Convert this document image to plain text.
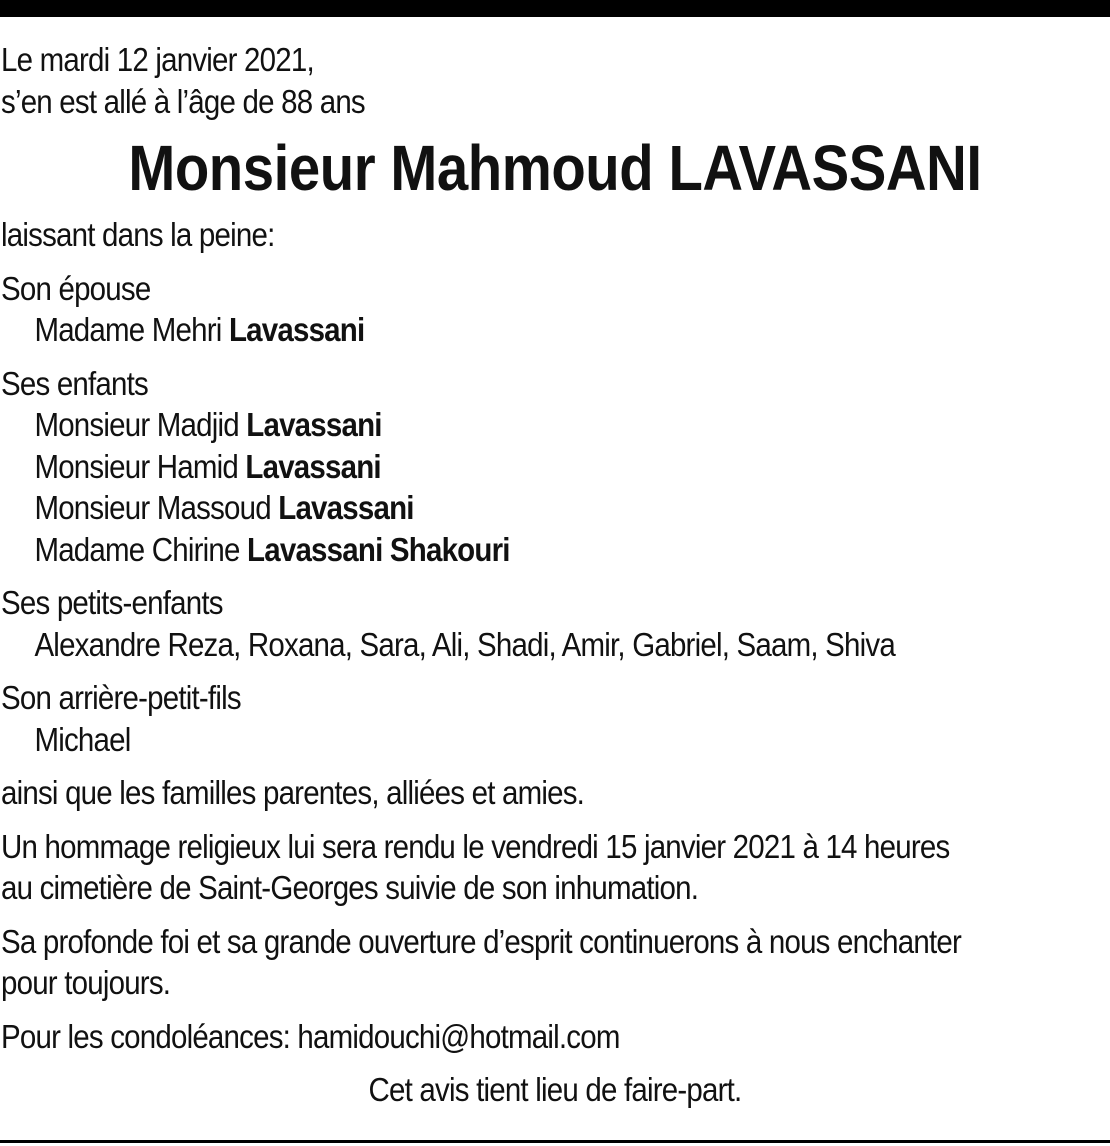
Le mardi 12 janvier 2021,

s’en est allé à l’âge de 88 ans

Monsieur Mahmoud LAVASSANI

laissant dans la peine:

Son épouse

Madame Mehri Lavassani

Ses enfants

Monsieur Madjid Lavassani

Monsieur Hamid Lavassani

Monsieur Massoud Lavassani

Madame Chirine Lavassani Shakouri

Ses petits-enfants

Alexandre Reza, Roxana, Sara, Ali, Shadi, Amir, Gabriel, Saam, Shiva

Son arrière-petit-fils

Michael

ainsi que les familles parentes, alliées et amies.

Un hommage religieux lui sera rendu le vendredi 15 janvier 2021 à 14 heures

au cimetière de Saint-Georges suivie de son inhumation.

Sa profonde foi et sa grande ouverture d’esprit continuerons à nous enchanter

pour toujours.

Pour les condoléances: hamidouchi@hotmail.com

Cet avis tient lieu de faire-part.
